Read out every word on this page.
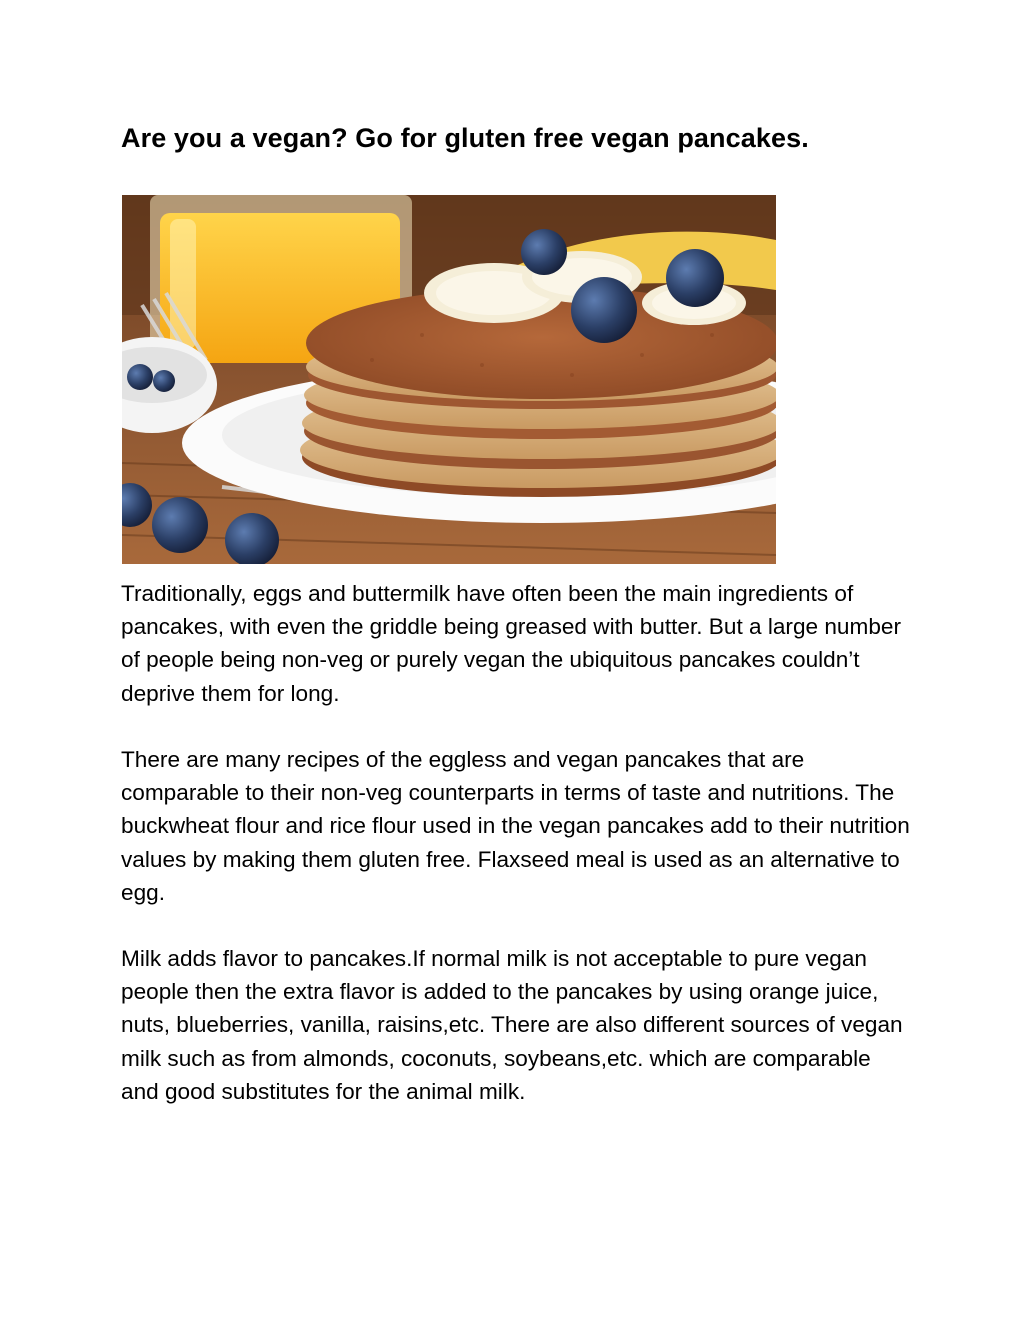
Are you a vegan? Go for gluten free vegan pancakes.

Traditionally, eggs and buttermilk have often been the main ingredients of pancakes, with even the griddle being greased with butter. But a large number of people being non-veg or purely vegan the ubiquitous pancakes couldn’t deprive them for long.

There are many recipes of the eggless and vegan pancakes that are comparable to their non-veg counterparts in terms of taste and nutritions. The buckwheat flour and rice flour used in the vegan pancakes add to their nutrition values by making them gluten free. Flaxseed meal is used as an alternative to egg.

Milk adds flavor to pancakes.If normal milk is not acceptable to pure vegan people then the extra flavor is added to the pancakes by using orange juice, nuts, blueberries, vanilla, raisins,etc. There are also different sources of vegan milk such as from almonds, coconuts, soybeans,etc. which are comparable and good substitutes for the animal milk.
